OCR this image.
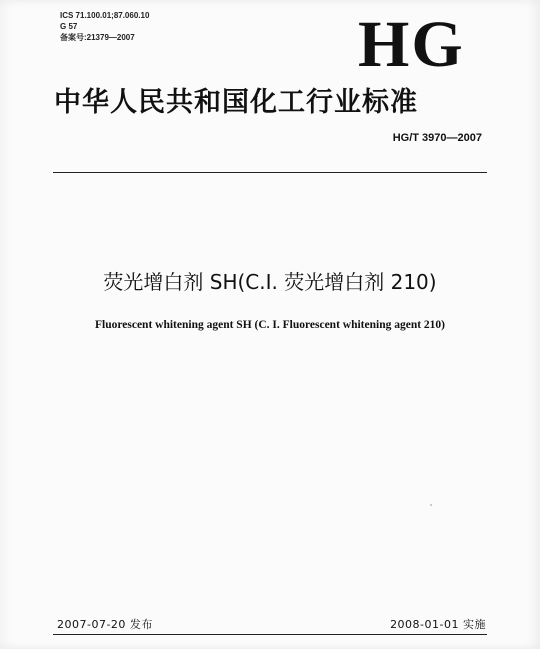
ICS 71.100.01;87.060.10
G 57
备案号:21379—2007	HG
中华人民共和国化工行业标准
HG/T 3970—2007
荧光增白剂 SH(C.I. 荧光增白剂 210)
Fluorescent whitening agent SH (C. I. Fluorescent whitening agent 210)
2007-07-20 发布	2008-01-01 实施
